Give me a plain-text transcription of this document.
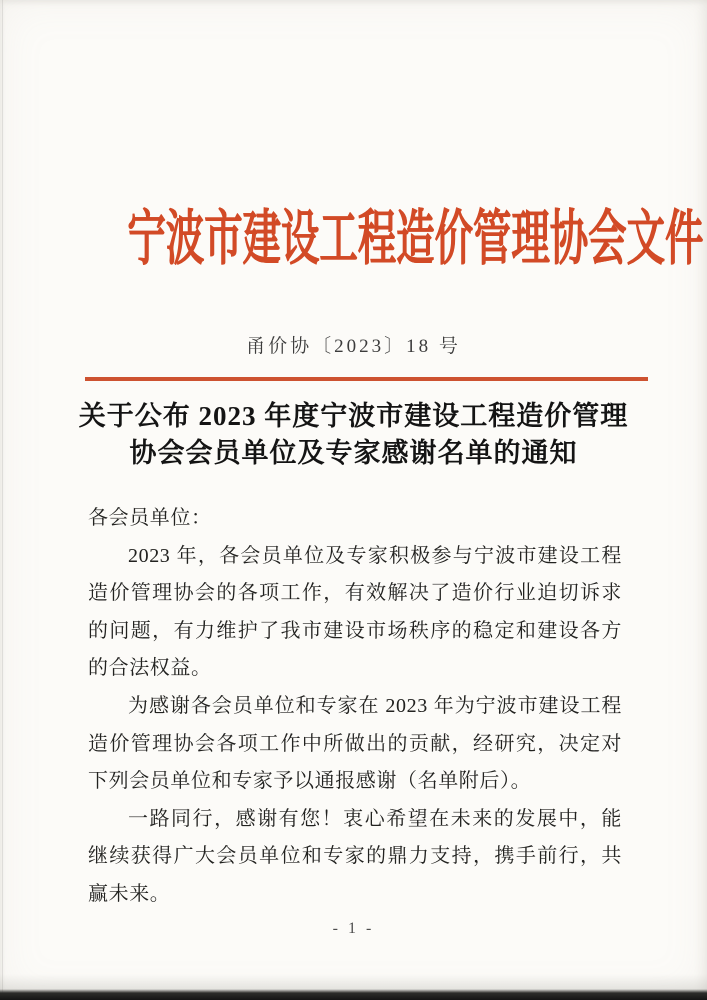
宁波市建设工程造价管理协会文件
甬价协〔2023〕18 号
关于公布 2023 年度宁波市建设工程造价管理
协会会员单位及专家感谢名单的通知

各会员单位：

2023 年，各会员单位及专家积极参与宁波市建设工程造价管理协会的各项工作，有效解决了造价行业迫切诉求的问题，有力维护了我市建设市场秩序的稳定和建设各方的合法权益。

为感谢各会员单位和专家在 2023 年为宁波市建设工程造价管理协会各项工作中所做出的贡献，经研究，决定对下列会员单位和专家予以通报感谢（名单附后）。

一路同行，感谢有您！衷心希望在未来的发展中，能继续获得广大会员单位和专家的鼎力支持，携手前行，共赢未来。

- 1 -
